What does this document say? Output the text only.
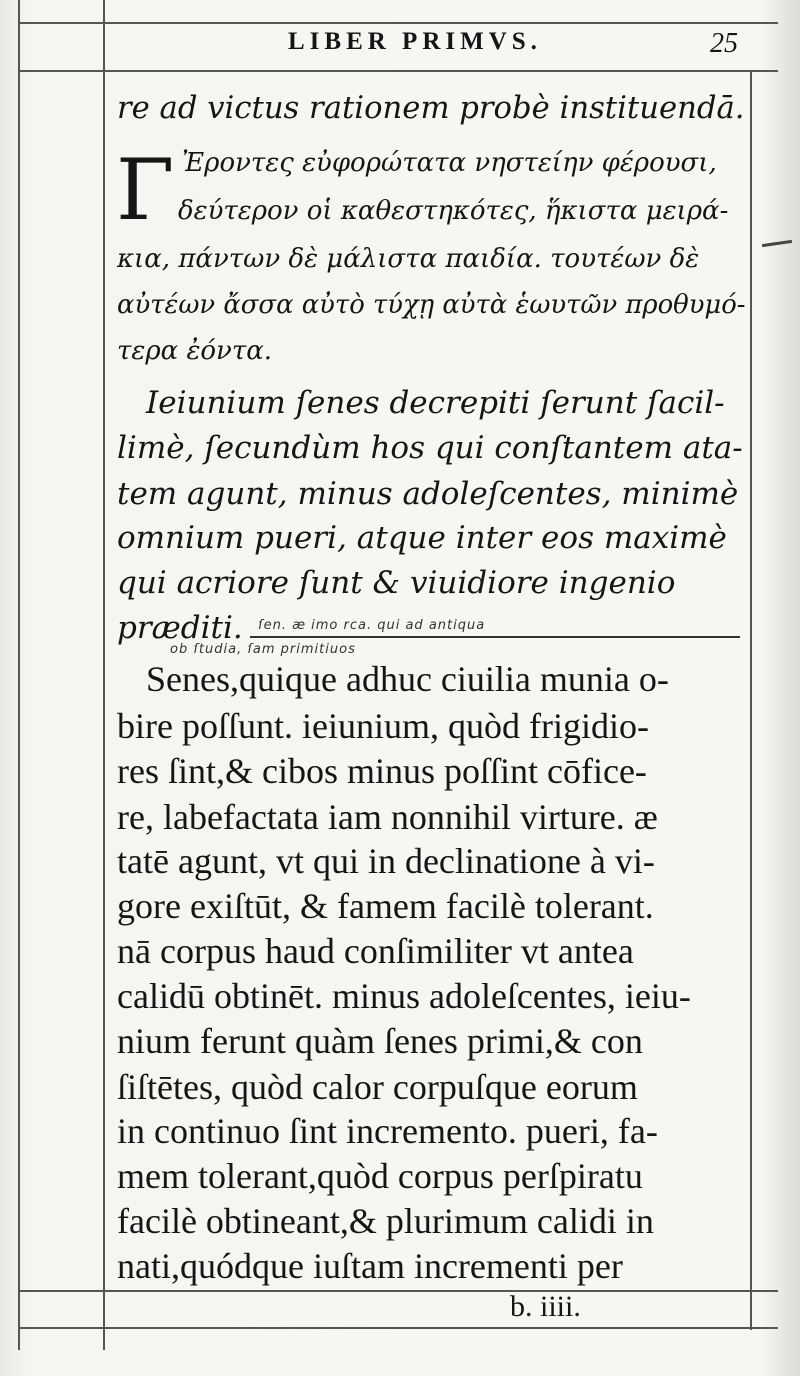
LIBER PRIMVS.	25
re ad victus rationem probè instituendā.
Γ Ἐροντες εὐφορώτατα νηστείην φέρουσι,
δεύτερον οἱ καθεστηκότες, ἥκιστα μειρά-
κια, πάντων δὲ μάλιστα παιδία. τουτέων δὲ
αὐτέων ἄσσα αὐτὸ τύχῃ αὐτὰ ἑωυτῶν προθυμό-
τερα ἐόντα.
Ieiunium ſenes decrepiti ſerunt ſacil-
limè, ſecundùm hos qui conſtantem ata-
tem agunt, minus adoleſcentes, minimè
omnium pueri, atque inter eos maximè
qui acriore ſunt & viuidiore ingenio
præditi. ſen. æ imo rca. qui ad antiqua
ob ſtudia, ſam primitiuos
Senes,quique adhuc ciuilia munia o-
bire poſſunt. ieiunium, quòd frigidio-
res ſint,& cibos minus poſſint cōfice-
re, labefactata iam nonnihil virture. æ
tatē agunt, vt qui in declinatione à vi-
gore exiſtūt, & famem facilè tolerant.
nā corpus haud conſimiliter vt antea
calidū obtinēt. minus adoleſcentes, ieiu-
nium ferunt quàm ſenes primi,& con
ſiſtētes, quòd calor corpuſque eorum
in continuo ſint incremento. pueri, fa-
mem tolerant,quòd corpus perſpiratu
facilè obtineant,& plurimum calidi in
nati,quódque iuſtam incrementi per
b. iiii.
